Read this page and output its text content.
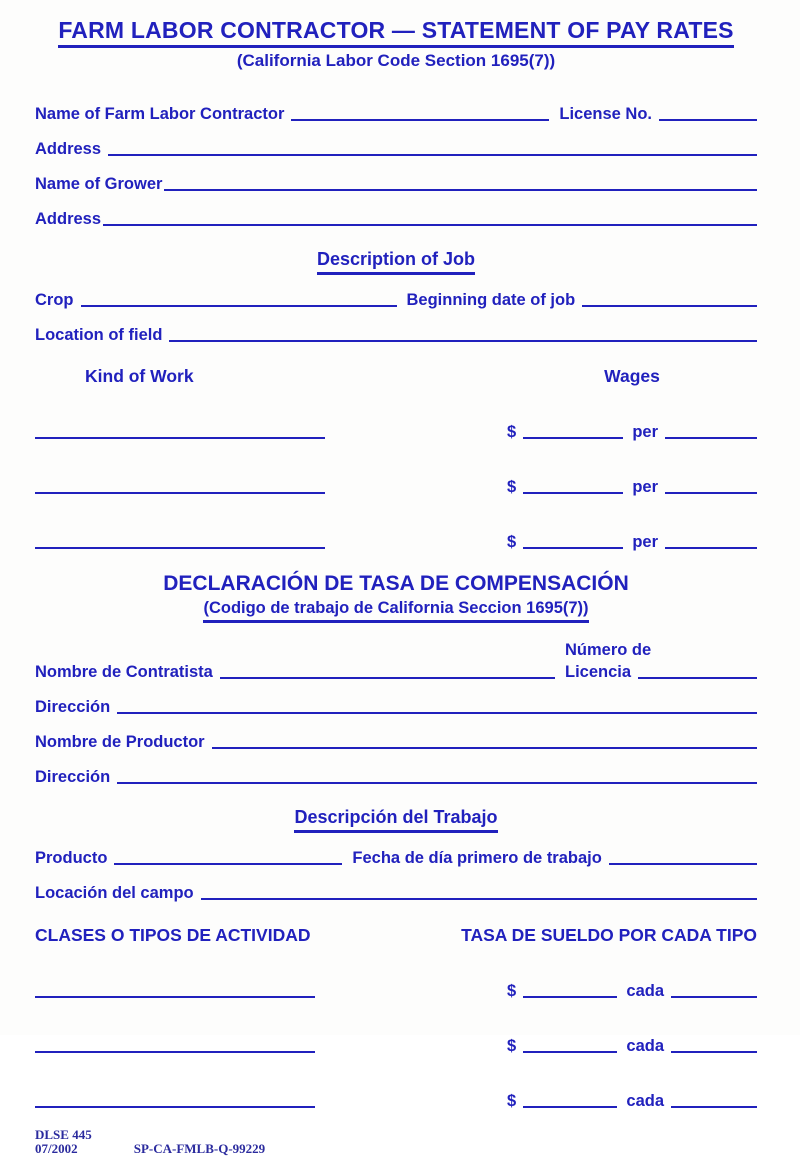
FARM LABOR CONTRACTOR — STATEMENT OF PAY RATES
(California Labor Code Section 1695(7))
Name of Farm Labor Contractor	License No.
Address
Name of Grower
Address
Description of Job
Crop	Beginning date of job
Location of field
Kind of Work	Wages
$	per
$	per
$	per
DECLARACIÓN DE TASA DE COMPENSACIÓN
(Codigo de trabajo de California Seccion 1695(7))
Nombre de Contratista
Número de
Licencia
Dirección
Nombre de Productor
Dirección
Descripción del Trabajo
Producto	Fecha de día primero de trabajo
Locación del campo
CLASES O TIPOS DE ACTIVIDAD	TASA DE SUELDO POR CADA TIPO
$	cada
$	cada
$	cada
DLSE 445
07/2002	SP-CA-FMLB-Q-99229
